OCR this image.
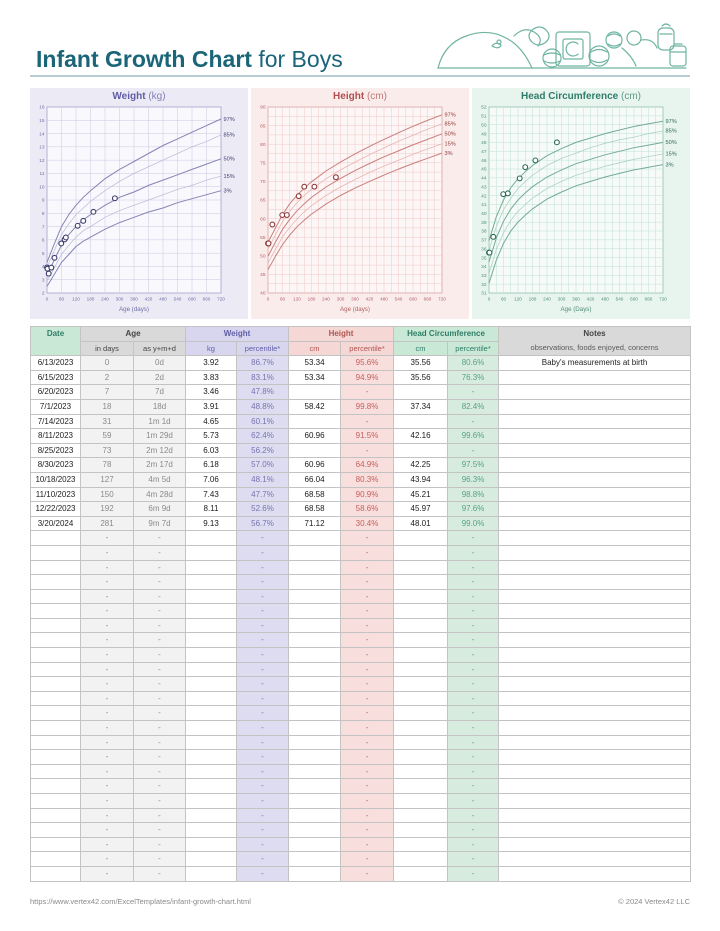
Infant Growth Chart for Boys
Weight (kg)
0 60 120 180 240 300 360 420 480 540 600 660 720
2
3
4
5
6
7
8
9
10
11
12
13
14
15
16
97%
85%
50%
15%
3%
Age (days)
Height (cm)
0 60 120 180 240 300 360 420 480 540 600 660 720
40
45
50
55
60
65
70
75
80
85
90
97%
85%
50%
15%
3%
Age (days)
Head Circumference (cm)
0 60 120 180 240 300 360 420 480 540 600 660 720
31
32
33
34
35
36
37
38
39
40
41
42
43
44
45
46
47
48
49
50
51
52
97%
85%
50%
15%
3%
Age (Days)
Date	Age		Weight		Height		Head Circumference		Notes
observations, foods enjoyed, concerns

	in days	as y+m+d	kg	percentile*	cm	percentile*	cm	percentile*	
6/13/2023	0	0d	3.92	86.7%	53.34	95.6%	35.56	80.6%	Baby's measurements at birth
6/15/2023	2	2d	3.83	83.1%	53.34	94.9%	35.56	76.3%	
6/20/2023	7	7d	3.46	47.8%		-		-	
7/1/2023	18	18d	3.91	48.8%	58.42	99.8%	37.34	82.4%	
7/14/2023	31	1m 1d	4.65	60.1%		-		-	
8/11/2023	59	1m 29d	5.73	62.4%	60.96	91.5%	42.16	99.6%	
8/25/2023	73	2m 12d	6.03	56.2%		-		-	
8/30/2023	78	2m 17d	6.18	57.0%	60.96	64.9%	42.25	97.5%	
10/18/2023	127	4m 5d	7.06	48.1%	66.04	80.3%	43.94	96.3%	
11/10/2023	150	4m 28d	7.43	47.7%	68.58	90.9%	45.21	98.8%	
12/22/2023	192	6m 9d	8.11	52.6%	68.58	58.6%	45.97	97.6%	
3/20/2024	281	9m 7d	9.13	56.7%	71.12	30.4%	48.01	99.0%	
	-	-		-		-		-	
	-	-		-		-		-	
	-	-		-		-		-	
	-	-		-		-		-	
	-	-		-		-		-	
	-	-		-		-		-	
	-	-		-		-		-	
	-	-		-		-		-	
	-	-		-		-		-	
	-	-		-		-		-	
	-	-		-		-		-	
	-	-		-		-		-	
	-	-		-		-		-	
	-	-		-		-		-	
	-	-		-		-		-	
	-	-		-		-		-	
	-	-		-		-		-	
	-	-		-		-		-	
	-	-		-		-		-	
	-	-		-		-		-	
	-	-		-		-		-	
	-	-		-		-		-	
	-	-		-		-		-	
	-	-		-		-		-	
https://www.vertex42.com/ExcelTemplates/infant-growth-chart.html	© 2024 Vertex42 LLC
